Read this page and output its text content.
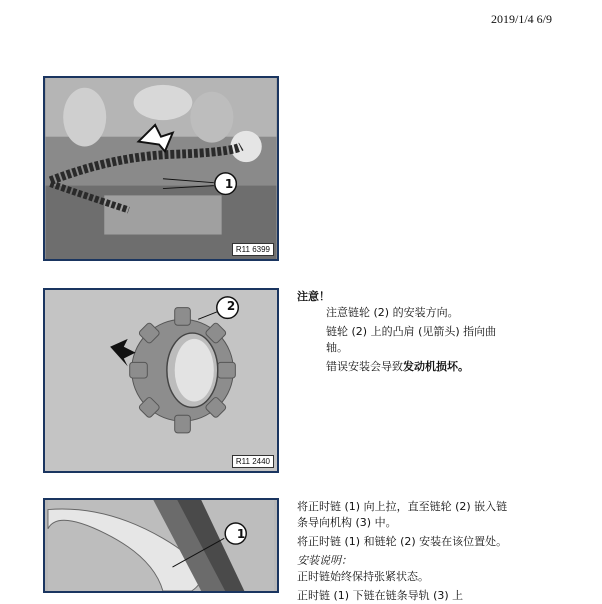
2019/1/4 6/9
1
R11 6399
2
R11 2440
1
注意！
注意链轮 (2) 的安装方向。
链轮 (2) 上的凸肩 (见箭头) 指向曲
轴。
错误安装会导致发动机损坏。
将正时链 (1) 向上拉，直至链轮 (2) 嵌入链
条导向机构 (3) 中。
将正时链 (1) 和链轮 (2) 安装在该位置处。
安装说明：
正时链始终保持张紧状态。
正时链 (1) 下链在链条导轨 (3) 上
